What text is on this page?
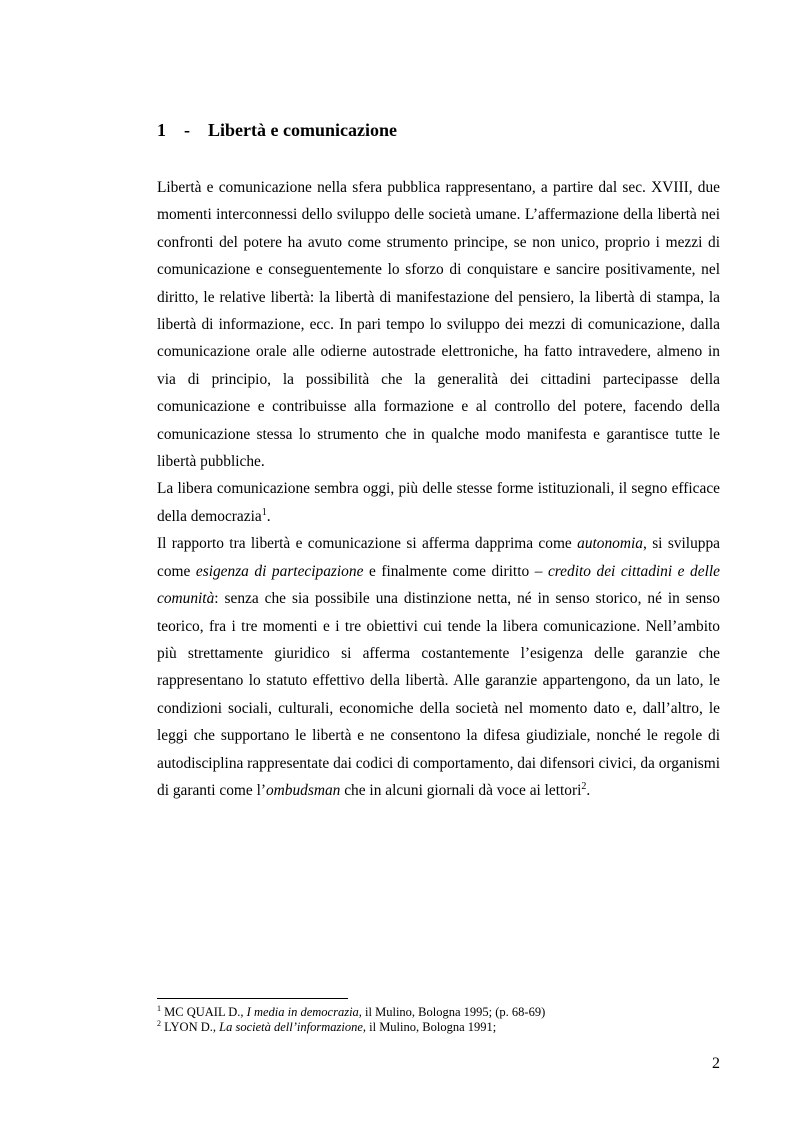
1 - Libertà e comunicazione

Libertà e comunicazione nella sfera pubblica rappresentano, a partire dal sec. XVIII, due momenti interconnessi dello sviluppo delle società umane. L’affermazione della libertà nei confronti del potere ha avuto come strumento principe, se non unico, proprio i mezzi di comunicazione e conseguentemente lo sforzo di conquistare e sancire positivamente, nel diritto, le relative libertà: la libertà di manifestazione del pensiero, la libertà di stampa, la libertà di informazione, ecc. In pari tempo lo sviluppo dei mezzi di comunicazione, dalla comunicazione orale alle odierne autostrade elettroniche, ha fatto intravedere, almeno in via di principio, la possibilità che la generalità dei cittadini partecipasse della comunicazione e contribuisse alla formazione e al controllo del potere, facendo della comunicazione stessa lo strumento che in qualche modo manifesta e garantisce tutte le libertà pubbliche.

La libera comunicazione sembra oggi, più delle stesse forme istituzionali, il segno efficace della democrazia$^1$.

Il rapporto tra libertà e comunicazione si afferma dapprima come autonomia, si sviluppa come esigenza di partecipazione e finalmente come diritto – credito dei cittadini e delle comunità: senza che sia possibile una distinzione netta, né in senso storico, né in senso teorico, fra i tre momenti e i tre obiettivi cui tende la libera comunicazione. Nell’ambito più strettamente giuridico si afferma costantemente l’esigenza delle garanzie che rappresentano lo statuto effettivo della libertà. Alle garanzie appartengono, da un lato, le condizioni sociali, culturali, economiche della società nel momento dato e, dall’altro, le leggi che supportano le libertà e ne consentono la difesa giudiziale, nonché le regole di autodisciplina rappresentate dai codici di comportamento, dai difensori civici, da organismi di garanti come l’ombudsman che in alcuni giornali dà voce ai lettori$^2$.

$^1$ MC QUAIL D., I media in democrazia, il Mulino, Bologna 1995; (p. 68-69)
$^2$ LYON D., La società dell’informazione, il Mulino, Bologna 1991;
2
